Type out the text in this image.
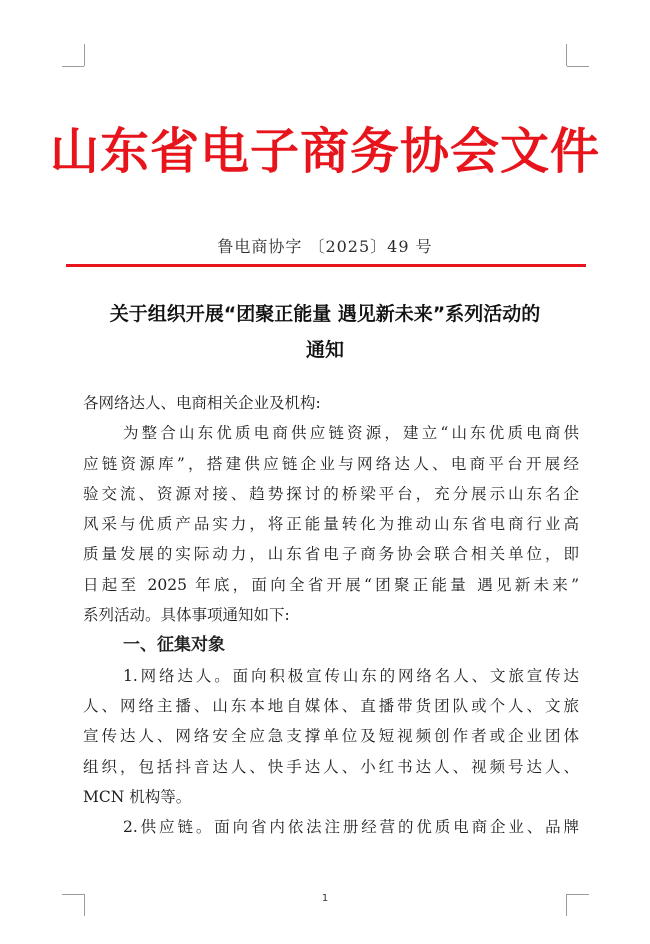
山东省电子商务协会文件
鲁电商协字 〔2025〕49 号
关于组织开展“团聚正能量 遇见新未来”系列活动的
通知
各网络达人、电商相关企业及机构:
为整合山东优质电商供应链资源，建立“山东优质电商供
应链资源库”，搭建供应链企业与网络达人、电商平台开展经
验交流、资源对接、趋势探讨的桥梁平台，充分展示山东名企
风采与优质产品实力，将正能量转化为推动山东省电商行业高
质量发展的实际动力，山东省电子商务协会联合相关单位，即
日起至 2025 年底，面向全省开展“团聚正能量 遇见新未来”
系列活动。具体事项通知如下:
一、征集对象
1.网络达人。面向积极宣传山东的网络名人、文旅宣传达
人、网络主播、山东本地自媒体、直播带货团队或个人、文旅
宣传达人、网络安全应急支撑单位及短视频创作者或企业团体
组织，包括抖音达人、快手达人、小红书达人、视频号达人、
MCN 机构等。
2.供应链。面向省内依法注册经营的优质电商企业、品牌
1
